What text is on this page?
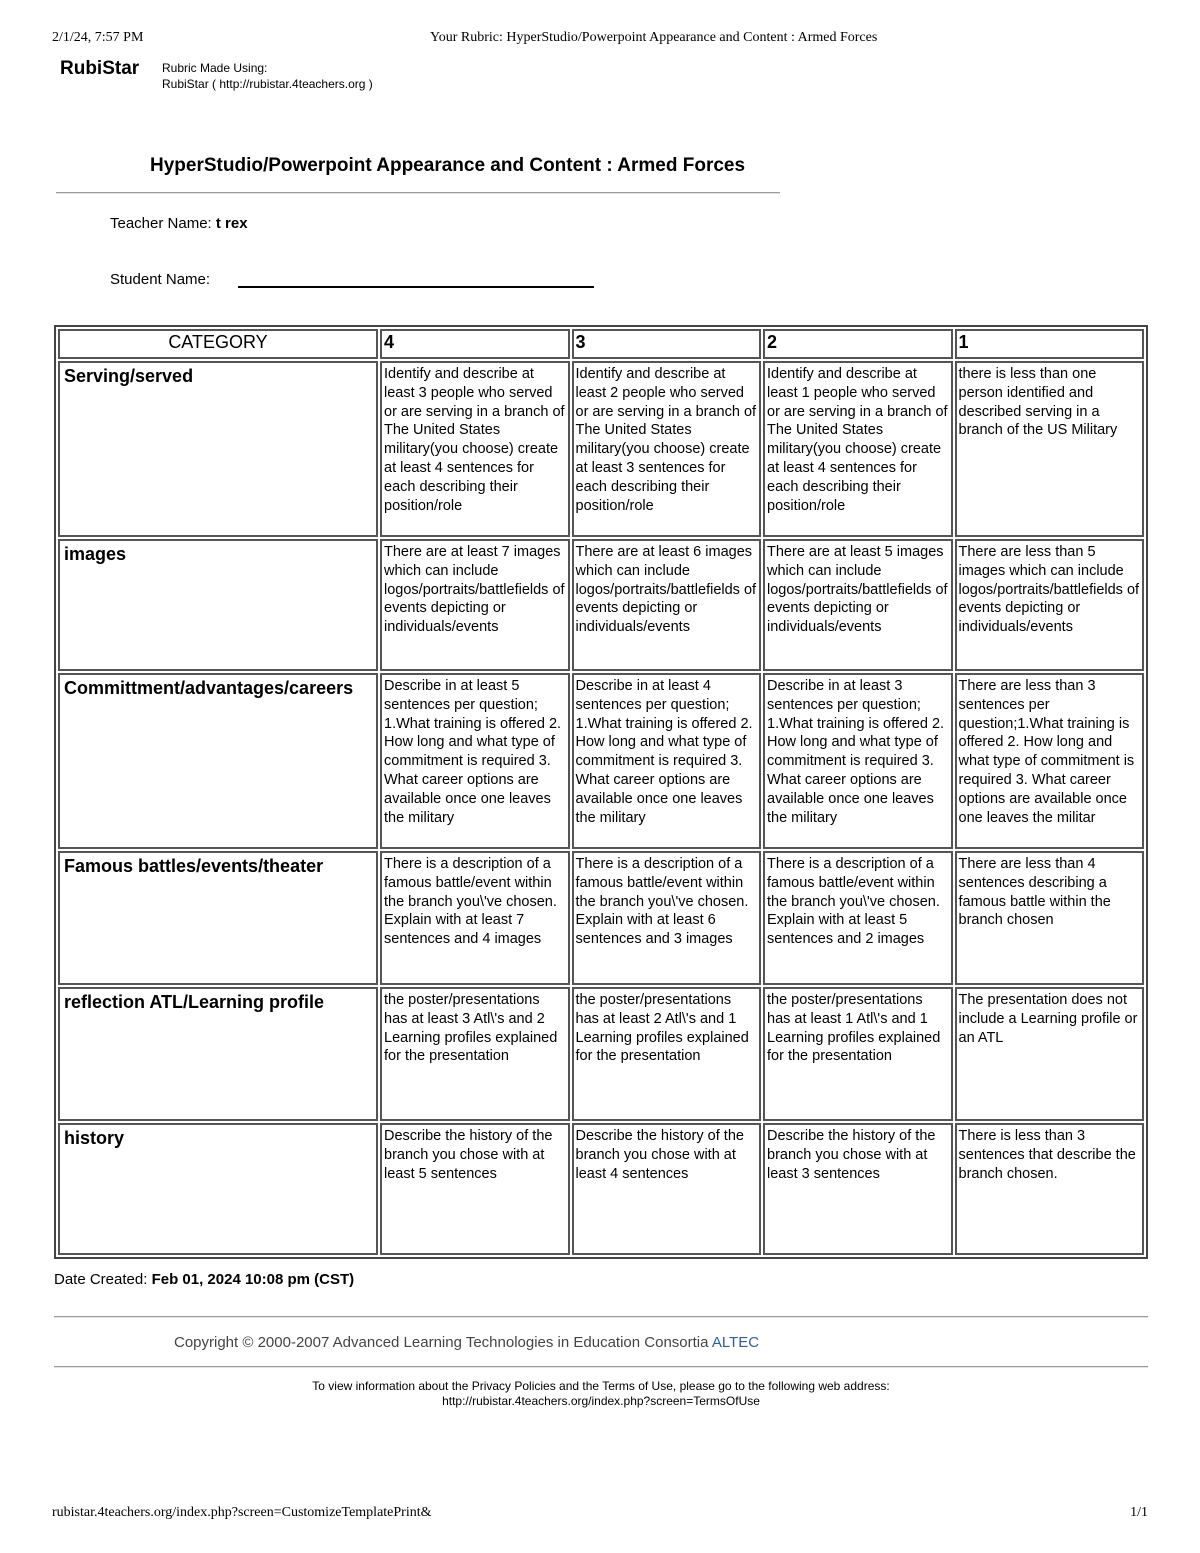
2/1/24, 7:57 PM	Your Rubric: HyperStudio/Powerpoint Appearance and Content : Armed Forces
RubiStar Rubric Made Using:
RubiStar ( http://rubistar.4teachers.org )
HyperStudio/Powerpoint Appearance and Content : Armed Forces
Teacher Name: t rex
Student Name:
CATEGORY	4	3	2	1
Serving/served	Identify and describe at least 3 people who served or are serving in a branch of The United States military(you choose) create at least 4 sentences for each describing their position/role	Identify and describe at least 2 people who served or are serving in a branch of The United States military(you choose) create at least 3 sentences for each describing their position/role	Identify and describe at least 1 people who served or are serving in a branch of The United States military(you choose) create at least 4 sentences for each describing their position/role	there is less than one person identified and described serving in a branch of the US Military
images	There are at least 7 images which can include logos/portraits/battlefields of events depicting or individuals/events	There are at least 6 images which can include logos/portraits/battlefields of events depicting or individuals/events	There are at least 5 images which can include logos/portraits/battlefields of events depicting or individuals/events	There are less than 5 images which can include logos/portraits/battlefields of events depicting or individuals/events
Committment/advantages/careers	Describe in at least 5 sentences per question; 1.What training is offered 2. How long and what type of commitment is required 3. What career options are available once one leaves the military	Describe in at least 4 sentences per question; 1.What training is offered 2. How long and what type of commitment is required 3. What career options are available once one leaves the military	Describe in at least 3 sentences per question; 1.What training is offered 2. How long and what type of commitment is required 3. What career options are available once one leaves the military	There are less than 3 sentences per question;1.What training is offered 2. How long and what type of commitment is required 3. What career options are available once one leaves the militar
Famous battles/events/theater	There is a description of a famous battle/event within the branch you\'ve chosen. Explain with at least 7 sentences and 4 images	There is a description of a famous battle/event within the branch you\'ve chosen. Explain with at least 6 sentences and 3 images	There is a description of a famous battle/event within the branch you\'ve chosen. Explain with at least 5 sentences and 2 images	There are less than 4 sentences describing a famous battle within the branch chosen
reflection ATL/Learning profile	the poster/presentations has at least 3 Atl\'s and 2 Learning profiles explained for the presentation	the poster/presentations has at least 2 Atl\'s and 1 Learning profiles explained for the presentation	the poster/presentations has at least 1 Atl\'s and 1 Learning profiles explained for the presentation	The presentation does not include a Learning profile or an ATL
history	Describe the history of the branch you chose with at least 5 sentences	Describe the history of the branch you chose with at least 4 sentences	Describe the history of the branch you chose with at least 3 sentences	There is less than 3 sentences that describe the branch chosen.
Date Created: Feb 01, 2024 10:08 pm (CST)
Copyright © 2000-2007 Advanced Learning Technologies in Education Consortia ALTEC
To view information about the Privacy Policies and the Terms of Use, please go to the following web address:
http://rubistar.4teachers.org/index.php?screen=TermsOfUse
rubistar.4teachers.org/index.php?screen=CustomizeTemplatePrint&	1/1
